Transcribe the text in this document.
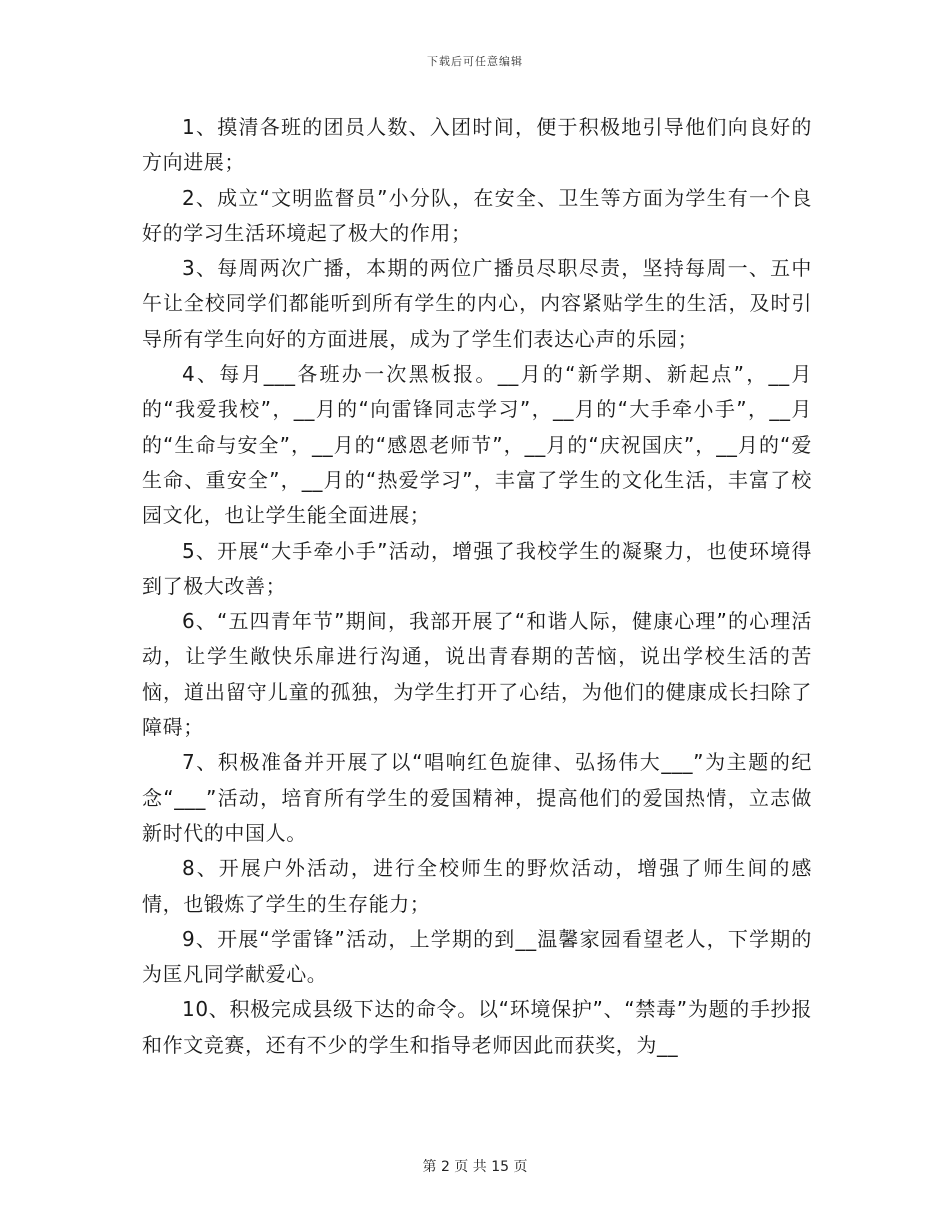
下载后可任意编辑

1、摸清各班的团员人数、入团时间，便于积极地引导他们向良好的方向进展；

2、成立“文明监督员”小分队，在安全、卫生等方面为学生有一个良好的学习生活环境起了极大的作用；

3、每周两次广播，本期的两位广播员尽职尽责，坚持每周一、五中午让全校同学们都能听到所有学生的内心，内容紧贴学生的生活，及时引导所有学生向好的方面进展，成为了学生们表达心声的乐园；

4、每月___各班办一次黑板报。__月的“新学期、新起点”，__月的“我爱我校”，__月的“向雷锋同志学习”，__月的“大手牵小手”，__月的“生命与安全”，__月的“感恩老师节”，__月的“庆祝国庆”，__月的“爱生命、重安全”，__月的“热爱学习”，丰富了学生的文化生活，丰富了校园文化，也让学生能全面进展；

5、开展“大手牵小手”活动，增强了我校学生的凝聚力，也使环境得到了极大改善；

6、“五四青年节”期间，我部开展了“和谐人际，健康心理”的心理活动，让学生敞快乐扉进行沟通，说出青春期的苦恼，说出学校生活的苦恼，道出留守儿童的孤独，为学生打开了心结，为他们的健康成长扫除了障碍；

7、积极准备并开展了以“唱响红色旋律、弘扬伟大___”为主题的纪念“___”活动，培育所有学生的爱国精神，提高他们的爱国热情，立志做新时代的中国人。

8、开展户外活动，进行全校师生的野炊活动，增强了师生间的感情，也锻炼了学生的生存能力；

9、开展“学雷锋”活动，上学期的到__温馨家园看望老人，下学期的为匡凡同学献爱心。

10、积极完成县级下达的命令。以“环境保护”、“禁毒”为题的手抄报和作文竞赛，还有不少的学生和指导老师因此而获奖，为__

第 2 页 共 15 页
